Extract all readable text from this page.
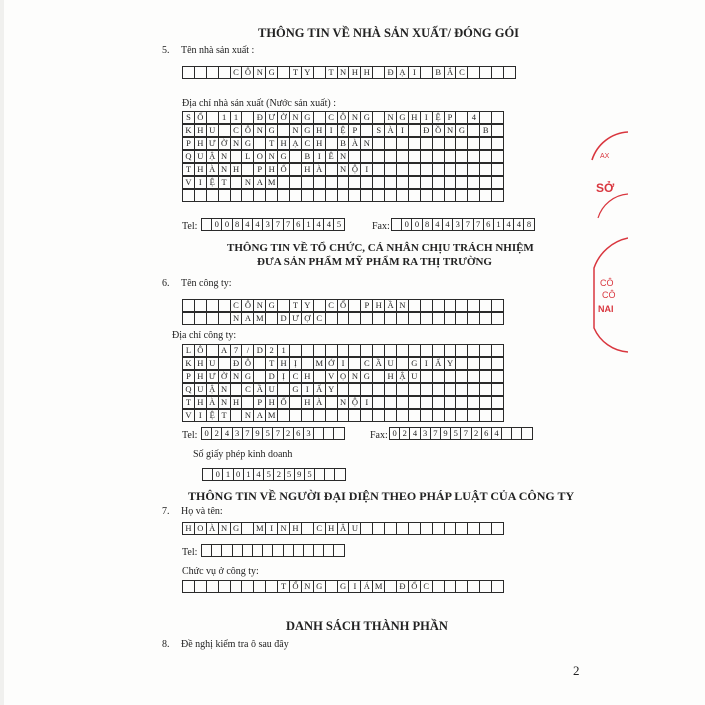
THÔNG TIN VỀ NHÀ SẢN XUẤT/ ĐÓNG GÓI
5. Tên nhà sản xuất :
C Ô N G	T Y	T N H H	Đ Ạ I	B Ắ C
Địa chỉ nhà sản xuất (Nước sản xuất) :
S Ố	1 1	Đ Ư Ờ N G	C Ô N G	N G H I Ệ P	4
K H U	C Ô N G	N G H I Ệ P	S À I	Đ Ồ N G	B
P H Ư Ờ N G	T H Ạ C H	B À N
Q U Ậ N	L O N G	B I Ê N
T H À N H	P H Ố	H À	N Ộ I
V I Ệ T	N A M
Tel:	0 0 8 4 4 3 7 7 6 1 4 4 5	Fax:	0 0 8 4 4 3 7 7 6 1 4 4 8
THÔNG TIN VỀ TỔ CHỨC, CÁ NHÂN CHỊU TRÁCH NHIỆM
ĐƯA SẢN PHẨM MỸ PHẨM RA THỊ TRƯỜNG
6. Tên công ty:
C Ô N G	T Y	C Ổ	P H Ầ N
N A M	D Ư Ợ C
Địa chỉ công ty:
L Ô	A 7	/ D 2 1
K H U	Đ Ô	T H Ị	M Ớ I	C Ầ U	G I Ấ Y
P H Ư Ờ N G	D Ị C H	V Ọ N G	H Ậ U
Q U Ậ N	C Ầ U	G I Ấ Y
T H À N H	P H Ố	H À	N Ộ I
V I Ệ T	N A M
Tel: 0 2 4 3 7 9 5 7 2 6 3	Fax: 0 2 4 3 7 9 5 7 2 6 4
Số giấy phép kinh doanh
0 1 0 1 4 5 2 5 9 5
THÔNG TIN VỀ NGƯỜI ĐẠI DIỆN THEO PHÁP LUẬT CỦA CÔNG TY
7. Họ và tên:
H O À N G	M I N H	C H Â U
Tel:
Chức vụ ở công ty:
T Ổ N G	G I Á M	Đ Ố C
DANH SÁCH THÀNH PHẦN
8. Đề nghị kiểm tra ô sau đây
2
AX
SỞ
CÔ
CÔ
NAI
